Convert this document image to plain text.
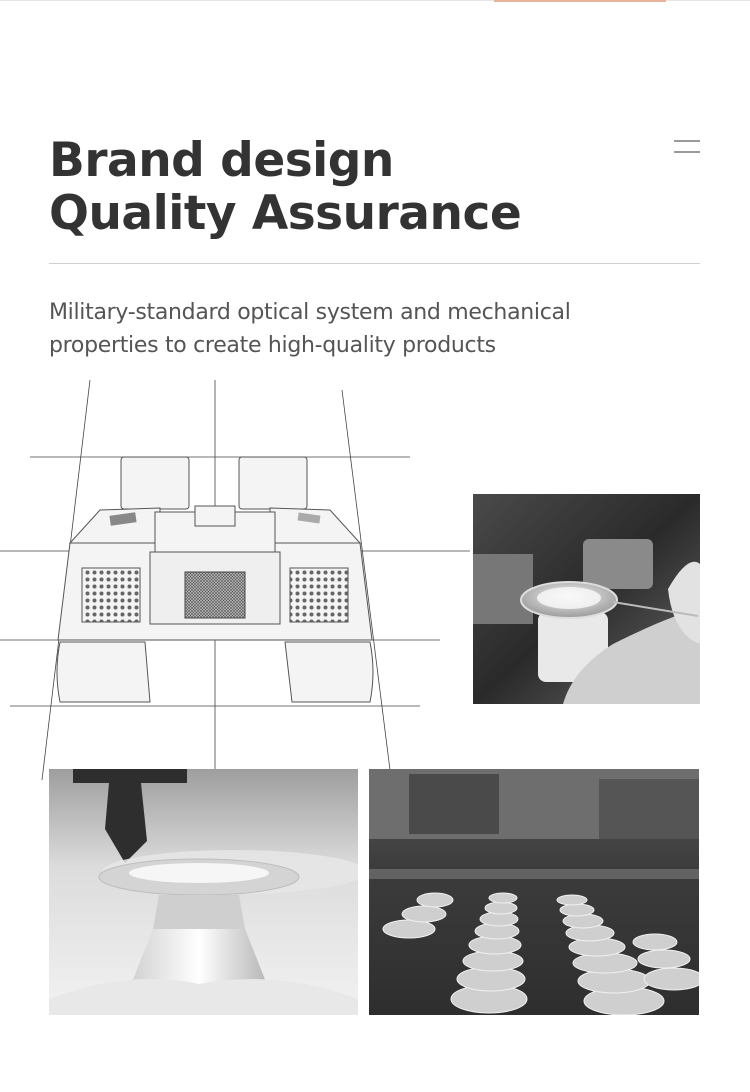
Brand design
Quality Assurance

Military-standard optical system and mechanical
properties to create high-quality products
